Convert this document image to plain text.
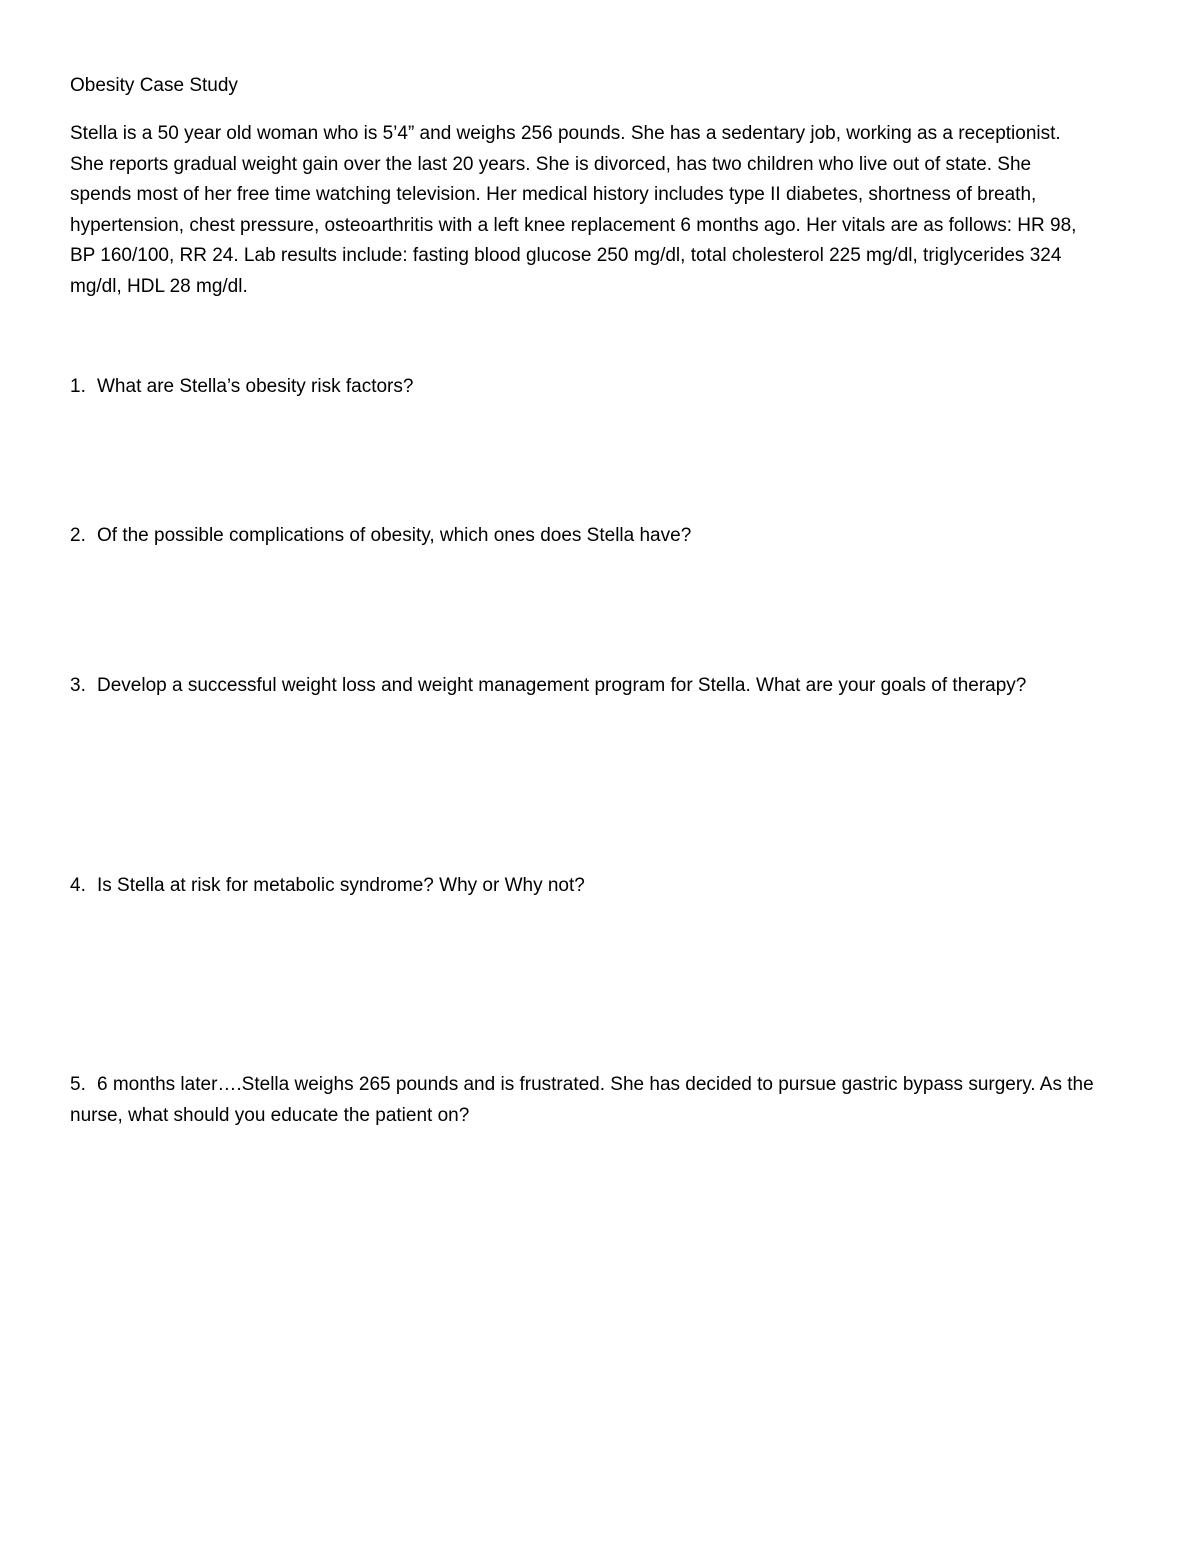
Obesity Case Study
Stella is a 50 year old woman who is 5’4” and weighs 256 pounds. She has a sedentary job, working as a receptionist.
She reports gradual weight gain over the last 20 years. She is divorced, has two children who live out of state. She
spends most of her free time watching television. Her medical history includes type II diabetes, shortness of breath,
hypertension, chest pressure, osteoarthritis with a left knee replacement 6 months ago. Her vitals are as follows: HR 98,
BP 160/100, RR 24. Lab results include: fasting blood glucose 250 mg/dl, total cholesterol 225 mg/dl, triglycerides 324
mg/dl, HDL 28 mg/dl.
1. What are Stella’s obesity risk factors?
2. Of the possible complications of obesity, which ones does Stella have?
3. Develop a successful weight loss and weight management program for Stella. What are your goals of therapy?
4. Is Stella at risk for metabolic syndrome? Why or Why not?
5. 6 months later….Stella weighs 265 pounds and is frustrated. She has decided to pursue gastric bypass surgery. As the
nurse, what should you educate the patient on?
